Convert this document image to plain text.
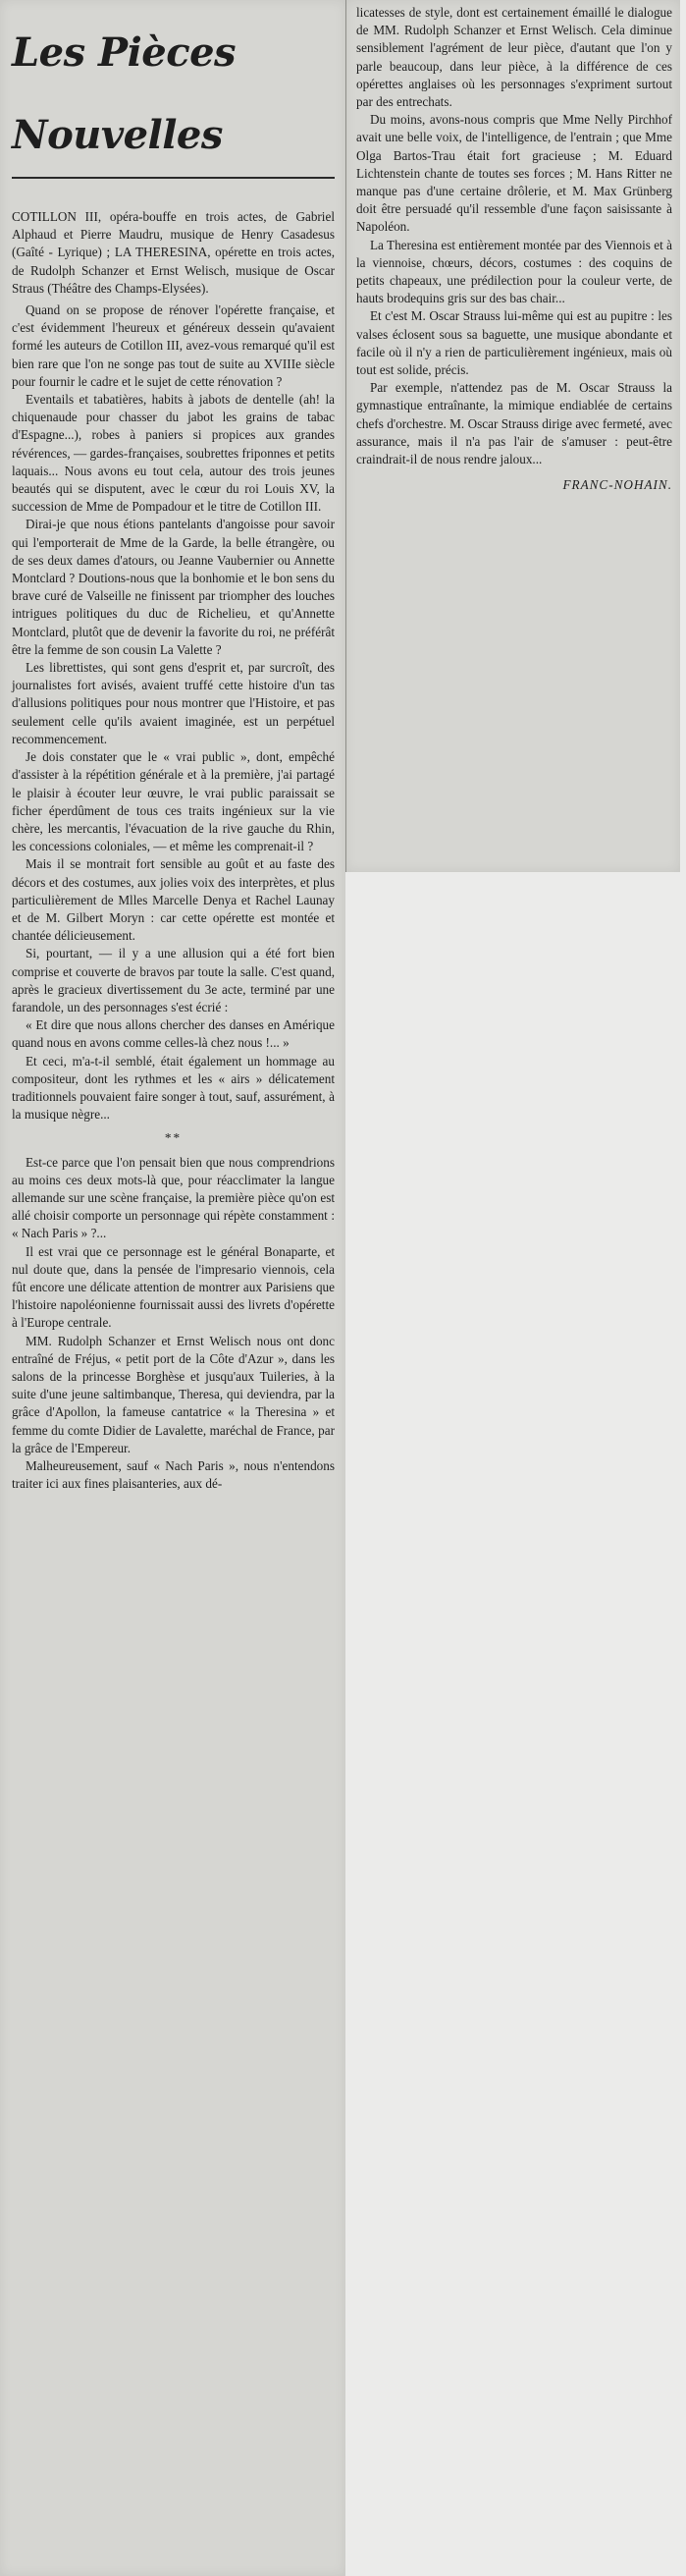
Les Pièces Nouvelles
COTILLON III, opéra-bouffe en trois actes, de Gabriel Alphaud et Pierre Maudru, musique de Henry Casadesus (Gaîté - Lyrique) ; LA THERESINA, opérette en trois actes, de Rudolph Schanzer et Ernst Welisch, musique de Oscar Straus (Théâtre des Champs-Elysées).

Quand on se propose de rénover l'opérette française, et c'est évidemment l'heureux et généreux dessein qu'avaient formé les auteurs de Cotillon III, avez-vous remarqué qu'il est bien rare que l'on ne songe pas tout de suite au XVIIIe siècle pour fournir le cadre et le sujet de cette rénovation ?

Eventails et tabatières, habits à jabots de dentelle (ah! la chiquenaude pour chasser du jabot les grains de tabac d'Espagne...), robes à paniers si propices aux grandes révérences, — gardes-françaises, soubrettes friponnes et petits laquais... Nous avons eu tout cela, autour des trois jeunes beautés qui se disputent, avec le cœur du roi Louis XV, la succession de Mme de Pompadour et le titre de Cotillon III.

Dirai-je que nous étions pantelants d'angoisse pour savoir qui l'emporterait de Mme de la Garde, la belle étrangère, ou de ses deux dames d'atours, ou Jeanne Vaubernier ou Annette Montclard ? Doutions-nous que la bonhomie et le bon sens du brave curé de Valseille ne finissent par triompher des louches intrigues politiques du duc de Richelieu, et qu'Annette Montclard, plutôt que de devenir la favorite du roi, ne préférât être la femme de son cousin La Valette ?

Les librettistes, qui sont gens d'esprit et, par surcroît, des journalistes fort avisés, avaient truffé cette histoire d'un tas d'allusions politiques pour nous montrer que l'Histoire, et pas seulement celle qu'ils avaient imaginée, est un perpétuel recommencement.

Je dois constater que le « vrai public », dont, empêché d'assister à la répétition générale et à la première, j'ai partagé le plaisir à écouter leur œuvre, le vrai public paraissait se ficher éperdûment de tous ces traits ingénieux sur la vie chère, les mercantis, l'évacuation de la rive gauche du Rhin, les concessions coloniales, — et même les comprenait-il ?

Mais il se montrait fort sensible au goût et au faste des décors et des costumes, aux jolies voix des interprètes, et plus particulièrement de Mlles Marcelle Denya et Rachel Launay et de M. Gilbert Moryn : car cette opérette est montée et chantée délicieusement.

Si, pourtant, — il y a une allusion qui a été fort bien comprise et couverte de bravos par toute la salle. C'est quand, après le gracieux divertissement du 3e acte, terminé par une farandole, un des personnages s'est écrié :

« Et dire que nous allons chercher des danses en Amérique quand nous en avons comme celles-là chez nous !... »

Et ceci, m'a-t-il semblé, était également un hommage au compositeur, dont les rythmes et les « airs » délicatement traditionnels pouvaient faire songer à tout, sauf, assurément, à la musique nègre...

**

Est-ce parce que l'on pensait bien que nous comprendrions au moins ces deux mots-là que, pour réacclimater la langue allemande sur une scène française, la première pièce qu'on est allé choisir comporte un personnage qui répète constamment : « Nach Paris » ?...

Il est vrai que ce personnage est le général Bonaparte, et nul doute que, dans la pensée de l'impresario viennois, cela fût encore une délicate attention de montrer aux Parisiens que l'histoire napoléonienne fournissait aussi des livrets d'opérette à l'Europe centrale.

MM. Rudolph Schanzer et Ernst Welisch nous ont donc entraîné de Fréjus, « petit port de la Côte d'Azur », dans les salons de la princesse Borghèse et jusqu'aux Tuileries, à la suite d'une jeune saltimbanque, Theresa, qui deviendra, par la grâce d'Apollon, la fameuse cantatrice « la Theresina » et femme du comte Didier de Lavalette, maréchal de France, par la grâce de l'Empereur.

Malheureusement, sauf « Nach Paris », nous n'entendons traiter ici aux fines plaisanteries, aux dé-

licatesses de style, dont est certainement émaillé le dialogue de MM. Rudolph Schanzer et Ernst Welisch. Cela diminue sensiblement l'agrément de leur pièce, d'autant que l'on y parle beaucoup, dans leur pièce, à la différence de ces opérettes anglaises où les personnages s'expriment surtout par des entrechats.

Du moins, avons-nous compris que Mme Nelly Pirchhof avait une belle voix, de l'intelligence, de l'entrain ; que Mme Olga Bartos-Trau était fort gracieuse ; M. Eduard Lichtenstein chante de toutes ses forces ; M. Hans Ritter ne manque pas d'une certaine drôlerie, et M. Max Grünberg doit être persuadé qu'il ressemble d'une façon saisissante à Napoléon.

La Theresina est entièrement montée par des Viennois et à la viennoise, chœurs, décors, costumes : des coquins de petits chapeaux, une prédilection pour la couleur verte, de hauts brodequins gris sur des bas chair...

Et c'est M. Oscar Strauss lui-même qui est au pupitre : les valses éclosent sous sa baguette, une musique abondante et facile où il n'y a rien de particulièrement ingénieux, mais où tout est solide, précis.

Par exemple, n'attendez pas de M. Oscar Strauss la gymnastique entraînante, la mimique endiablée de certains chefs d'orchestre. M. Oscar Strauss dirige avec fermeté, avec assurance, mais il n'a pas l'air de s'amuser : peut-être craindrait-il de nous rendre jaloux...

FRANC-NOHAIN.
